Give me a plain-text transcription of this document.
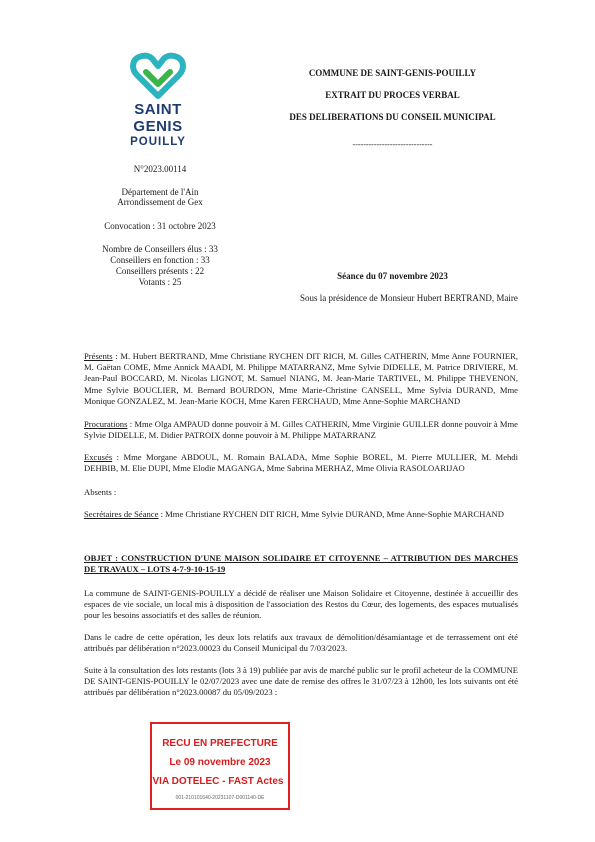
SAINT
GENIS
POUILLY
N°2023.00114
Département de l'Ain
Arrondissement de Gex
Convocation : 31 octobre 2023
Nombre de Conseillers élus : 33
Conseillers en fonction : 33
Conseillers présents : 22
Votants : 25
COMMUNE DE SAINT-GENIS-POUILLY
EXTRAIT DU PROCES VERBAL
DES DELIBERATIONS DU CONSEIL MUNICIPAL
------------------------------
Séance du 07 novembre 2023
Sous la présidence de Monsieur Hubert BERTRAND, Maire
Présents : M. Hubert BERTRAND, Mme Christiane RYCHEN DIT RICH, M. Gilles CATHERIN, Mme Anne FOURNIER, M. Gaëtan COME, Mme Annick MAADI, M. Philippe MATARRANZ, Mme Sylvie DIDELLE, M. Patrice DRIVIERE, M. Jean-Paul BOCCARD, M. Nicolas LIGNOT, M. Samuel NIANG, M. Jean-Marie TARTIVEL, M. Philippe THEVENON, Mme Sylvie BOUCLIER, M. Bernard BOURDON, Mme Marie-Christine CANSELL, Mme Sylvia DURAND, Mme Monique GONZALEZ, M. Jean-Marie KOCH, Mme Karen FERCHAUD, Mme Anne-Sophie MARCHAND
Procurations : Mme Olga AMPAUD donne pouvoir à M. Gilles CATHERIN, Mme Virginie GUILLER donne pouvoir à Mme Sylvie DIDELLE, M. Didier PATROIX donne pouvoir à M. Philippe MATARRANZ
Excusés : Mme Morgane ABDOUL, M. Romain BALADA, Mme Sophie BOREL, M. Pierre MULLIER, M. Mehdi DEHBIB, M. Elie DUPI, Mme Elodie MAGANGA, Mme Sabrina MERHAZ, Mme Olivia RASOLOARIJAO
Absents :
Secrétaires de Séance : Mme Christiane RYCHEN DIT RICH, Mme Sylvie DURAND, Mme Anne-Sophie MARCHAND
OBJET : CONSTRUCTION D'UNE MAISON SOLIDAIRE ET CITOYENNE – ATTRIBUTION DES MARCHES DE TRAVAUX – LOTS 4-7-9-10-15-19
La commune de SAINT-GENIS-POUILLY a décidé de réaliser une Maison Solidaire et Citoyenne, destinée à accueillir des espaces de vie sociale, un local mis à disposition de l'association des Restos du Cœur, des logements, des espaces mutualisés pour les besoins associatifs et des salles de réunion.
Dans le cadre de cette opération, les deux lots relatifs aux travaux de démolition/désamiantage et de terrassement ont été attribués par délibération n°2023.00023 du Conseil Municipal du 7/03/2023.
Suite à la consultation des lots restants (lots 3 à 19) publiée par avis de marché public sur le profil acheteur de la COMMUNE DE SAINT-GENIS-POUILLY le 02/07/2023 avec une date de remise des offres le 31/07/23 à 12h00, les lots suivants ont été attribués par délibération n°2023.00087 du 05/09/2023 :
RECU EN PREFECTURE
Le 09 novembre 2023
VIA DOTELEC - FAST Actes
001-210101640-20231107-D001140-DE
